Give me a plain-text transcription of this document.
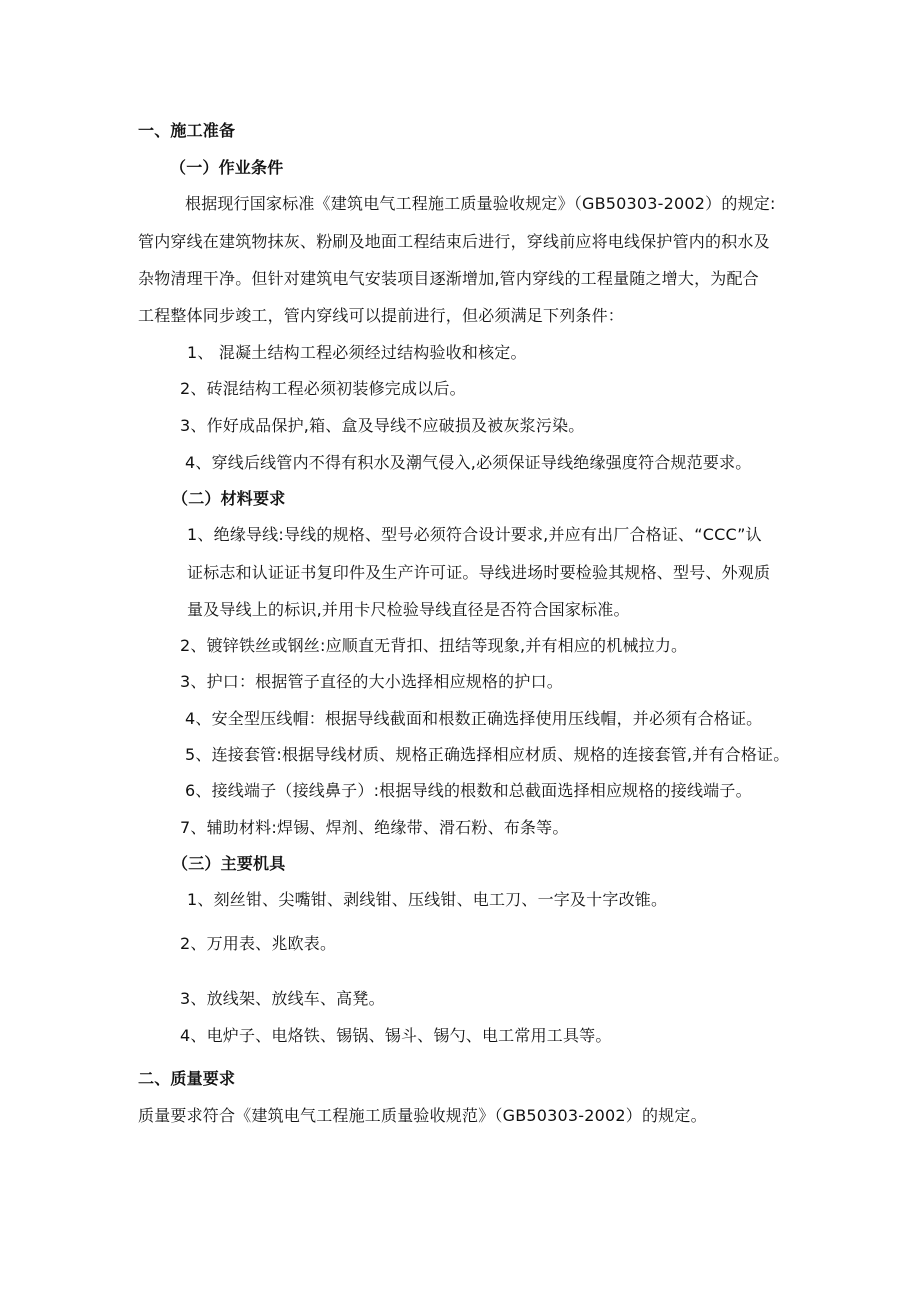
一、施工准备
（一）作业条件
根据现行国家标准《建筑电气工程施工质量验收规定》（GB50303-2002）的规定:
管内穿线在建筑物抹灰、粉刷及地面工程结束后进行，穿线前应将电线保护管内的积水及
杂物清理干净。但针对建筑电气安装项目逐渐增加,管内穿线的工程量随之增大，为配合
工程整体同步竣工，管内穿线可以提前进行，但必须满足下列条件：
1、 混凝土结构工程必须经过结构验收和核定。
2、砖混结构工程必须初装修完成以后。
3、作好成品保护,箱、盒及导线不应破损及被灰浆污染。
4、穿线后线管内不得有积水及潮气侵入,必须保证导线绝缘强度符合规范要求。
（二）材料要求
1、绝缘导线:导线的规格、型号必须符合设计要求,并应有出厂合格证、“CCC”认
证标志和认证证书复印件及生产许可证。导线进场时要检验其规格、型号、外观质
量及导线上的标识,并用卡尺检验导线直径是否符合国家标准。
2、镀锌铁丝或钢丝:应顺直无背扣、扭结等现象,并有相应的机械拉力。
3、护口：根据管子直径的大小选择相应规格的护口。
4、安全型压线帽：根据导线截面和根数正确选择使用压线帽，并必须有合格证。
5、连接套管:根据导线材质、规格正确选择相应材质、规格的连接套管,并有合格证。
6、接线端子（接线鼻子）:根据导线的根数和总截面选择相应规格的接线端子。
7、辅助材料:焊锡、焊剂、绝缘带、滑石粉、布条等。
（三）主要机具
1、刻丝钳、尖嘴钳、剥线钳、压线钳、电工刀、一字及十字改锥。
2、万用表、兆欧表。
3、放线架、放线车、高凳。
4、电炉子、电烙铁、锡锅、锡斗、锡勺、电工常用工具等。
二、质量要求
质量要求符合《建筑电气工程施工质量验收规范》（GB50303-2002）的规定。
